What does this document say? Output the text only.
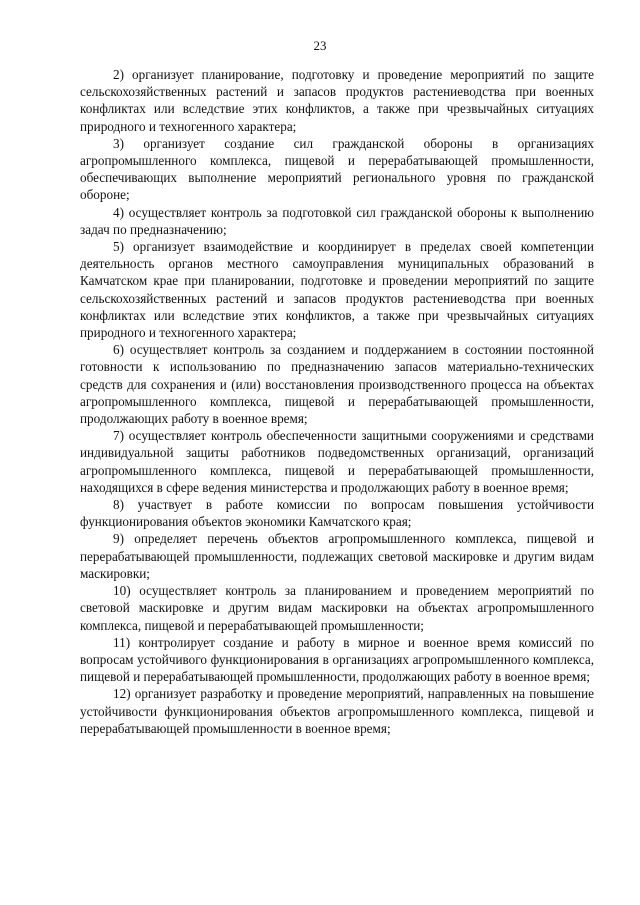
23

2) организует планирование, подготовку и проведение мероприятий по защите сельскохозяйственных растений и запасов продуктов растениеводства при военных конфликтах или вследствие этих конфликтов, а также при чрезвычайных ситуациях природного и техногенного характера;

3) организует создание сил гражданской обороны в организациях агропромышленного комплекса, пищевой и перерабатывающей промышленности, обеспечивающих выполнение мероприятий регионального уровня по гражданской обороне;

4) осуществляет контроль за подготовкой сил гражданской обороны к выполнению задач по предназначению;

5) организует взаимодействие и координирует в пределах своей компетенции деятельность органов местного самоуправления муниципальных образований в Камчатском крае при планировании, подготовке и проведении мероприятий по защите сельскохозяйственных растений и запасов продуктов растениеводства при военных конфликтах или вследствие этих конфликтов, а также при чрезвычайных ситуациях природного и техногенного характера;

6) осуществляет контроль за созданием и поддержанием в состоянии постоянной готовности к использованию по предназначению запасов материально-технических средств для сохранения и (или) восстановления производственного процесса на объектах агропромышленного комплекса, пищевой и перерабатывающей промышленности, продолжающих работу в военное время;

7) осуществляет контроль обеспеченности защитными сооружениями и средствами индивидуальной защиты работников подведомственных организаций, организаций агропромышленного комплекса, пищевой и перерабатывающей промышленности, находящихся в сфере ведения министерства и продолжающих работу в военное время;

8) участвует в работе комиссии по вопросам повышения устойчивости функционирования объектов экономики Камчатского края;

9) определяет перечень объектов агропромышленного комплекса, пищевой и перерабатывающей промышленности, подлежащих световой маскировке и другим видам маскировки;

10) осуществляет контроль за планированием и проведением мероприятий по световой маскировке и другим видам маскировки на объектах агропромышленного комплекса, пищевой и перерабатывающей промышленности;

11) контролирует создание и работу в мирное и военное время комиссий по вопросам устойчивого функционирования в организациях агропромышленного комплекса, пищевой и перерабатывающей промышленности, продолжающих работу в военное время;

12) организует разработку и проведение мероприятий, направленных на повышение устойчивости функционирования объектов агропромышленного комплекса, пищевой и перерабатывающей промышленности в военное время;
